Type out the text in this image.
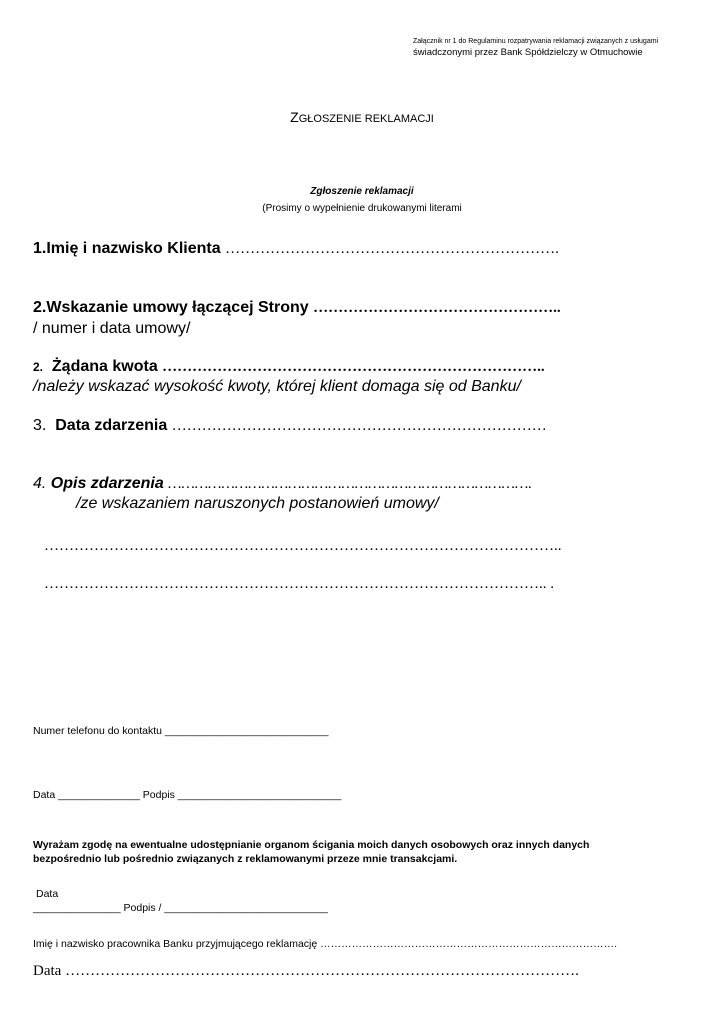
Załącznik nr 1 do Regulaminu rozpatrywania reklamacji związanych z usługami
świadczonymi przez Bank Spółdzielczy w Otmuchowie
ZGŁOSZENIE REKLAMACJI
Zgłoszenie reklamacji
(Prosimy o wypełnienie drukowanymi literami
1.Imię i nazwisko Klienta ………………………………………………………….
2.Wskazanie umowy łączącej Strony …………………………………………..
/ numer i data umowy/
2. Żądana kwota …………………………………………………………………..
/należy wskazać wysokość kwoty, której klient domaga się od Banku/
3. Data zdarzenia …………………………………………………………………
4. Opis zdarzenia ……………………………………………………………………….
/ze wskazaniem naruszonych postanowień umowy/
…………………………………………………………………………………………..
……………………………………………………………………………………….. .
Numer telefonu do kontaktu ____________________________
Data ______________ Podpis ____________________________
Wyrażam zgodę na ewentualne udostępnianie organom ścigania moich danych osobowych oraz innych danych
bezpośrednio lub pośrednio związanych z reklamowanymi przeze mnie transakcjami.
Data
_______________ Podpis / ____________________________
Imię i nazwisko pracownika Banku przyjmującego reklamację ………………………………………………………………………….
Data ………………………………………………………………………………………….
